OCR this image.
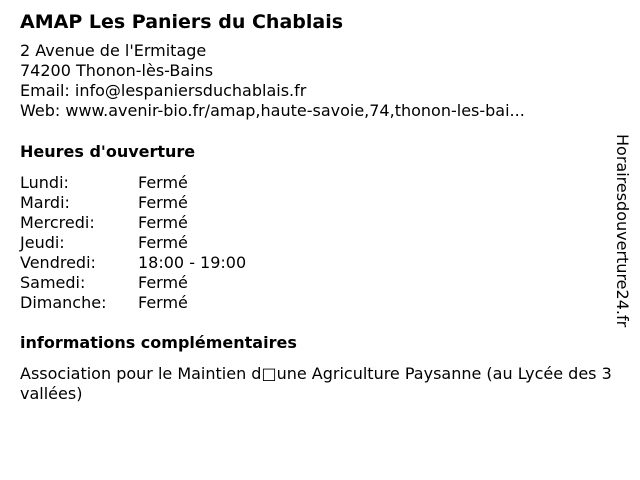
AMAP Les Paniers du Chablais
2 Avenue de l'Ermitage
74200 Thonon-lès-Bains
Email: info@lespaniersduchablais.fr
Web: www.avenir-bio.fr/amap,haute-savoie,74,thonon-les-bai...
Heures d'ouverture
Lundi:	Fermé
Mardi:	Fermé
Mercredi:	Fermé
Jeudi:	Fermé
Vendredi:	18:00 - 19:00
Samedi:	Fermé
Dimanche:	Fermé
informations complémentaires
Association pour le Maintien d□une Agriculture Paysanne (au Lycée des 3 vallées)
Horairesdouverture24.fr
